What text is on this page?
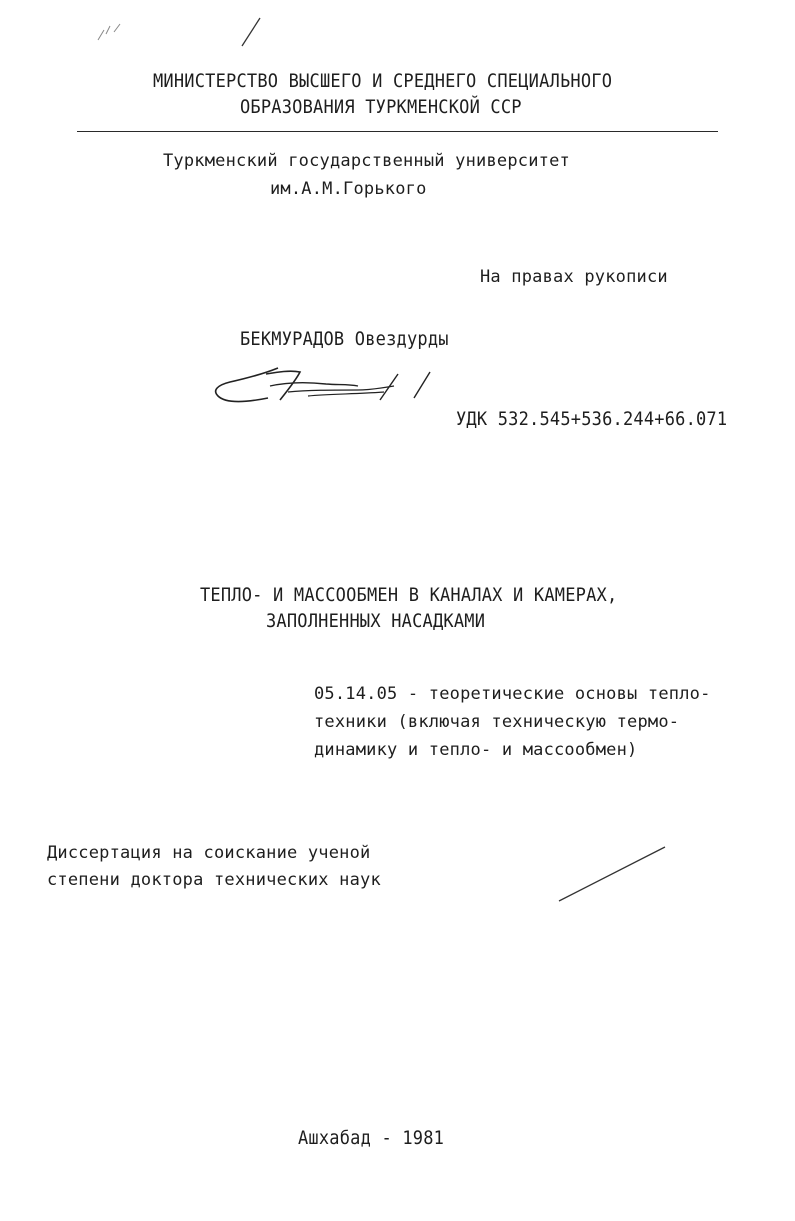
МИНИСТЕРСТВО ВЫСШЕГО И СРЕДНЕГО СПЕЦИАЛЬНОГО
ОБРАЗОВАНИЯ ТУРКМЕНСКОЙ ССР
Туркменский государственный университет
им.А.М.Горького
На правах рукописи
БЕКМУРАДОВ Овездурды
УДК 532.545+536.244+66.071
ТЕПЛО- И МАССООБМЕН В КАНАЛАХ И КАМЕРАХ,
ЗАПОЛНЕННЫХ НАСАДКАМИ
05.14.05 - теоретические основы тепло-
техники (включая техническую термо-
динамику и тепло- и массообмен)
Диссертация на соискание ученой
степени доктора технических наук
Ашхабад - 1981
